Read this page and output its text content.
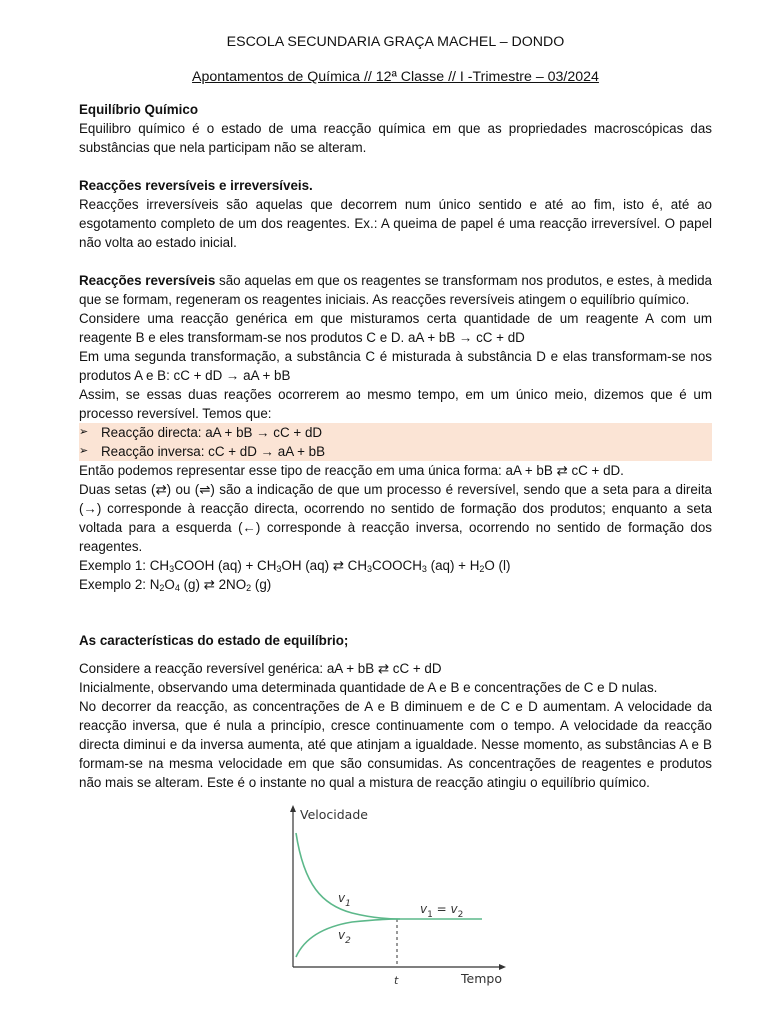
ESCOLA SECUNDARIA GRAÇA MACHEL – DONDO
Apontamentos de Química // 12ª Classe // I -Trimestre – 03/2024

Equilíbrio Químico

Equilibro químico é o estado de uma reacção química em que as propriedades macroscópicas das substâncias que nela participam não se alteram.

Reacções reversíveis e irreversíveis.

Reacções irreversíveis são aquelas que decorrem num único sentido e até ao fim, isto é, até ao esgotamento completo de um dos reagentes. Ex.: A queima de papel é uma reacção irreversível. O papel não volta ao estado inicial.

Reacções reversíveis são aquelas em que os reagentes se transformam nos produtos, e estes, à medida que se formam, regeneram os reagentes iniciais. As reacções reversíveis atingem o equilíbrio químico.

Considere uma reacção genérica em que misturamos certa quantidade de um reagente A com um reagente B e eles transformam-se nos produtos C e D. aA + bB → cC + dD

Em uma segunda transformação, a substância C é misturada à substância D e elas transformam-se nos produtos A e B: cC + dD → aA + bB

Assim, se essas duas reações ocorrerem ao mesmo tempo, em um único meio, dizemos que é um processo reversível. Temos que:

➢ Reacção directa: aA + bB → cC + dD
➢ Reacção inversa: cC + dD → aA + bB

Então podemos representar esse tipo de reacção em uma única forma: aA + bB ⇄ cC + dD.

Duas setas (⇄) ou (⇌) são a indicação de que um processo é reversível, sendo que a seta para a direita (→) corresponde à reacção directa, ocorrendo no sentido de formação dos produtos; enquanto a seta voltada para a esquerda (←) corresponde à reacção inversa, ocorrendo no sentido de formação dos reagentes.

Exemplo 1: $CH_3COOH$ $(aq) + CH_3OH$ (aq) ⇄ $CH_3COOCH_3$ $(aq) + H_2O$ (l)

Exemplo 2: $N_2O_4$ (g) ⇄ $2NO_2$ (g)

As características do estado de equilíbrio;

Considere a reacção reversível genérica: aA + bB ⇄ cC + dD

Inicialmente, observando uma determinada quantidade de A e B e concentrações de C e D nulas.

No decorrer da reacção, as concentrações de A e B diminuem e de C e D aumentam. A velocidade da reacção inversa, que é nula a princípio, cresce continuamente com o tempo. A velocidade da reacção directa diminui e da inversa aumenta, até que atinjam a igualdade. Nesse momento, as substâncias A e B formam-se na mesma velocidade em que são consumidas. As concentrações de reagentes e produtos não mais se alteram. Este é o instante no qual a mistura de reacção atingiu o equilíbrio químico.

Velocidade
Tempo
t
$v_1$
$v_2$
$v_1 = v_2$
